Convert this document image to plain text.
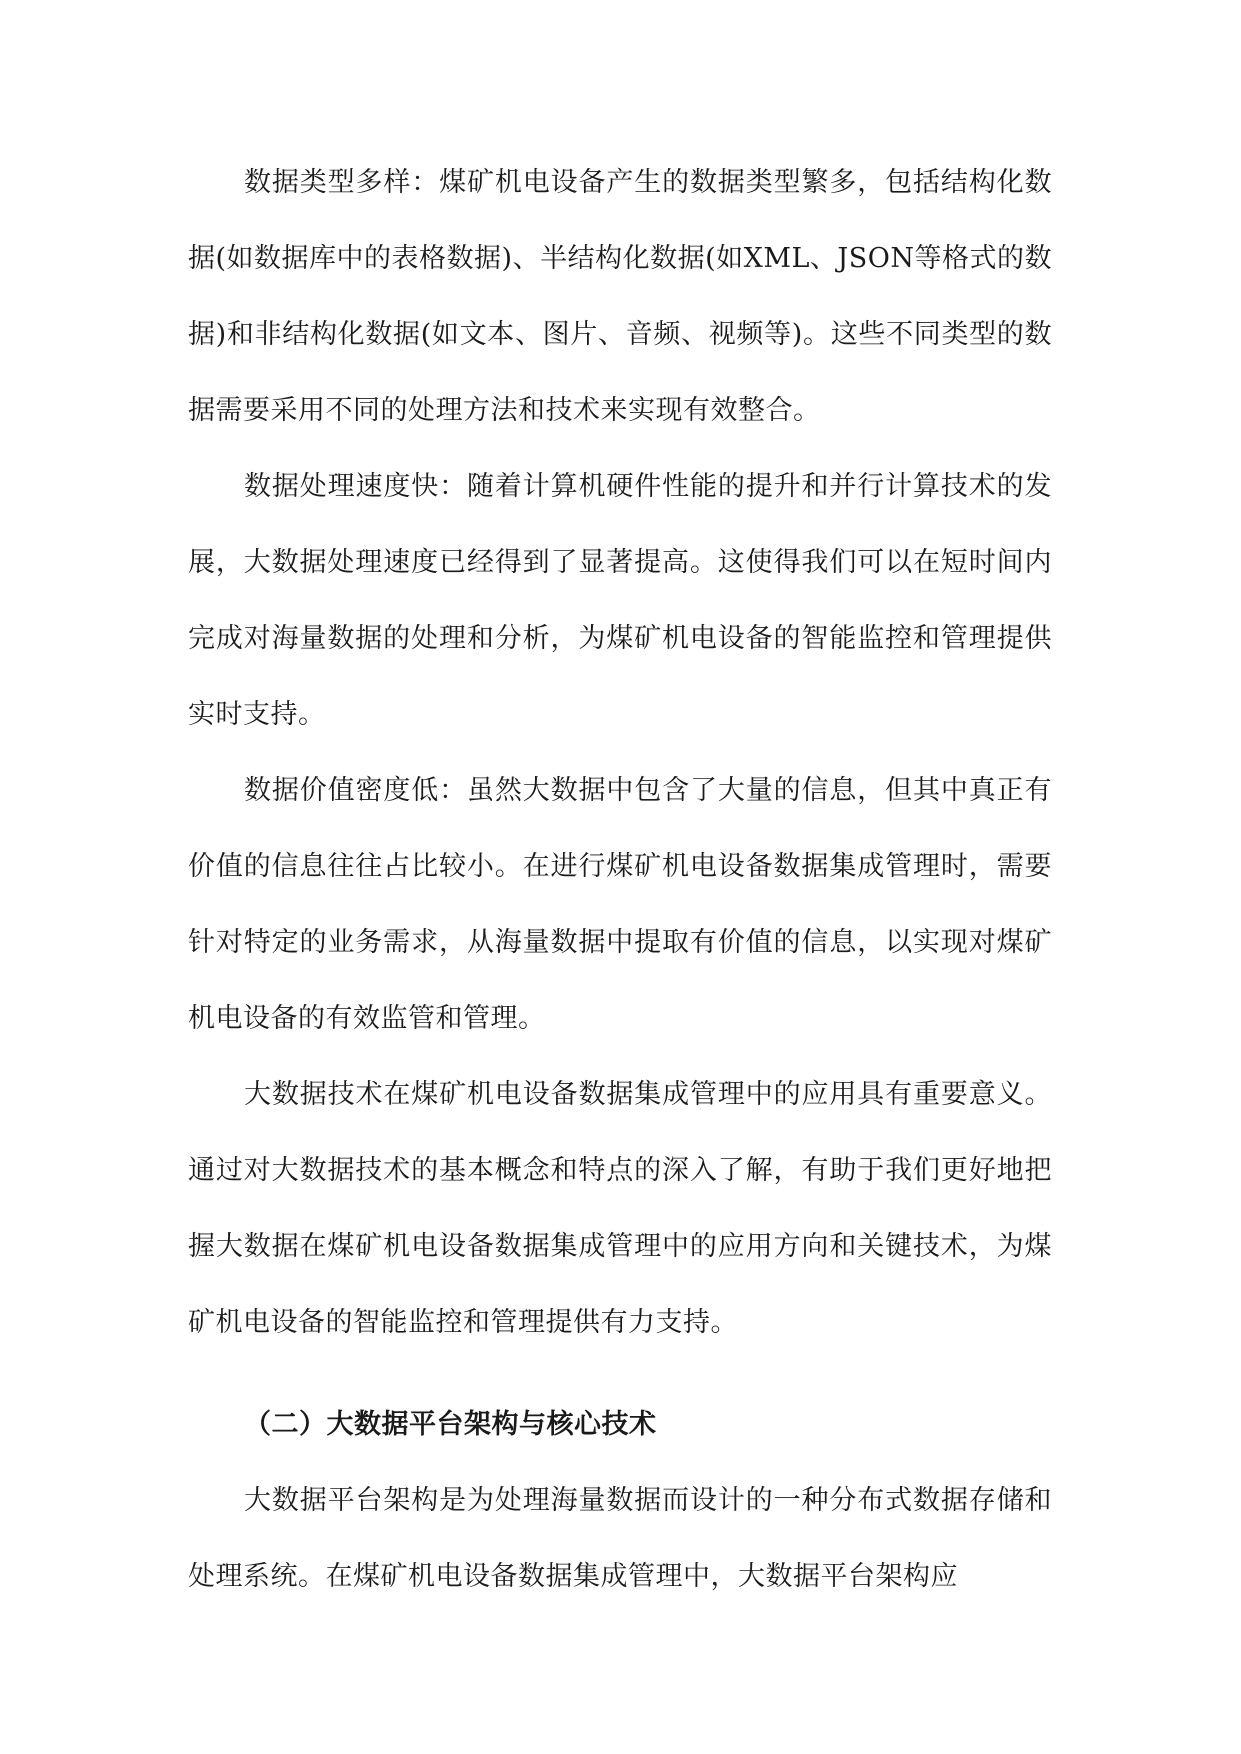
数据类型多样：煤矿机电设备产生的数据类型繁多，包括结构化数据(如数据库中的表格数据)、半结构化数据(如XML、JSON等格式的数据)和非结构化数据(如文本、图片、音频、视频等)。这些不同类型的数据需要采用不同的处理方法和技术来实现有效整合。

数据处理速度快：随着计算机硬件性能的提升和并行计算技术的发展，大数据处理速度已经得到了显著提高。这使得我们可以在短时间内完成对海量数据的处理和分析，为煤矿机电设备的智能监控和管理提供实时支持。

数据价值密度低：虽然大数据中包含了大量的信息，但其中真正有价值的信息往往占比较小。在进行煤矿机电设备数据集成管理时，需要针对特定的业务需求，从海量数据中提取有价值的信息，以实现对煤矿机电设备的有效监管和管理。

大数据技术在煤矿机电设备数据集成管理中的应用具有重要意义。通过对大数据技术的基本概念和特点的深入了解，有助于我们更好地把握大数据在煤矿机电设备数据集成管理中的应用方向和关键技术，为煤矿机电设备的智能监控和管理提供有力支持。

（二）大数据平台架构与核心技术

大数据平台架构是为处理海量数据而设计的一种分布式数据存储和处理系统。在煤矿机电设备数据集成管理中，大数据平台架构应
